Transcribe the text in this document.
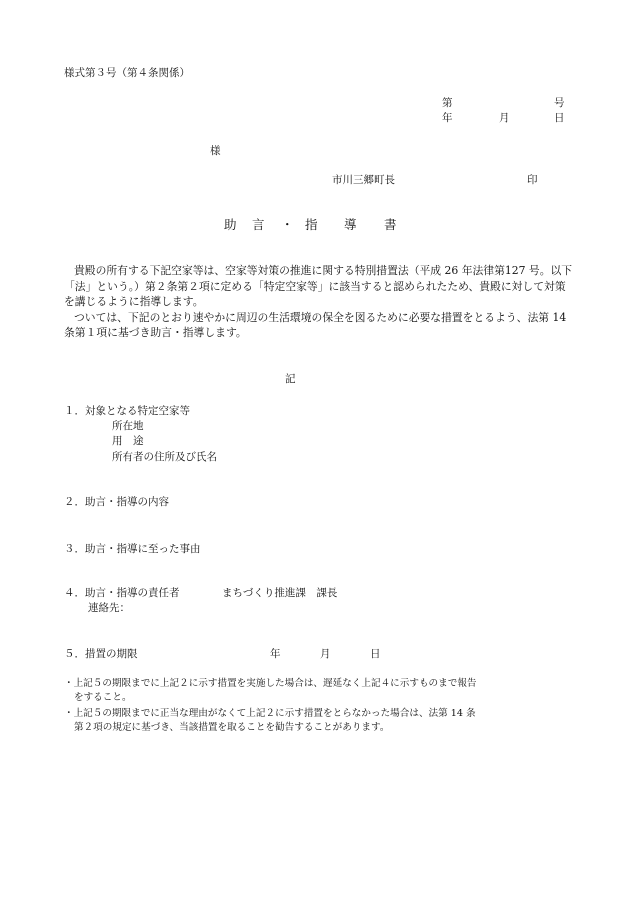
様式第３号（第４条関係）
第	号
年	月	日
様
市川三郷町長	印
助 言 ・ 指 導 書

貴殿の所有する下記空家等は、空家等対策の推進に関する特別措置法（平成 26 年法律第127 号。以下「法」という。）第２条第２項に定める「特定空家等」に該当すると認められたため、貴殿に対して対策を講じるように指導します。

ついては、下記のとおり速やかに周辺の生活環境の保全を図るために必要な措置をとるよう、法第 14 条第１項に基づき助言・指導します。

記
１．対象となる特定空家等
所在地
用　途
所有者の住所及び氏名
２．助言・指導の内容
３．助言・指導に至った事由
４．助言・指導の責任者	まちづくり推進課　課長
連絡先：
５．措置の期限	年	月	日
・上記５の期限までに上記２に示す措置を実施した場合は、遅延なく上記４に示すものまで報告
をすること。
・上記５の期限までに正当な理由がなくて上記２に示す措置をとらなかった場合は、法第 14 条
第２項の規定に基づき、当該措置を取ることを勧告することがあります。
